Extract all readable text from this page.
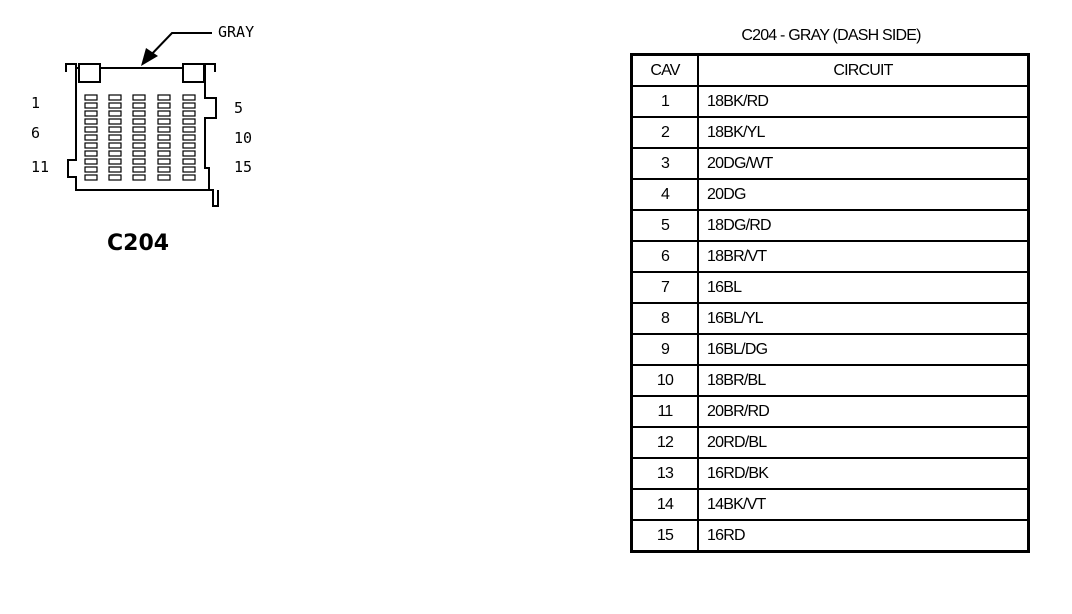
GRAY
1
6
11
5
10
15
C204
C204 - GRAY (DASH SIDE)
CAV	CIRCUIT
1	18BK/RD
2	18BK/YL
3	20DG/WT
4	20DG
5	18DG/RD
6	18BR/VT
7	16BL
8	16BL/YL
9	16BL/DG
10	18BR/BL
11	20BR/RD
12	20RD/BL
13	16RD/BK
14	14BK/VT
15	16RD
